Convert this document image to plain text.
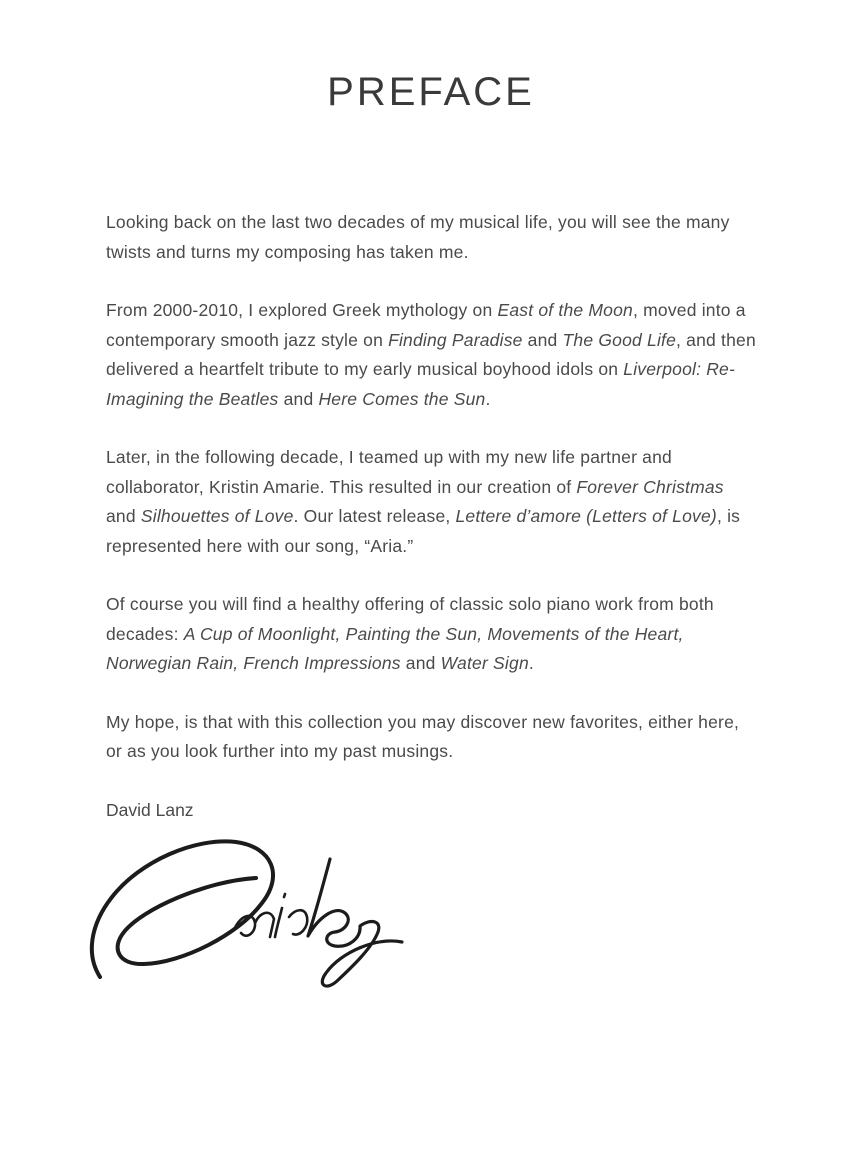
PREFACE

Looking back on the last two decades of my musical life, you will see the many twists and turns my composing has taken me.

From 2000-2010, I explored Greek mythology on East of the Moon, moved into a contemporary smooth jazz style on Finding Paradise and The Good Life, and then delivered a heartfelt tribute to my early musical boyhood idols on Liverpool: Re-Imagining the Beatles and Here Comes the Sun.

Later, in the following decade, I teamed up with my new life partner and collaborator, Kristin Amarie. This resulted in our creation of Forever Christmas and Silhouettes of Love. Our latest release, Lettere d’amore (Letters of Love), is represented here with our song, “Aria.”

Of course you will find a healthy offering of classic solo piano work from both decades: A Cup of Moonlight, Painting the Sun, Movements of the Heart, Norwegian Rain, French Impressions and Water Sign.

My hope, is that with this collection you may discover new favorites, either here, or as you look further into my past musings.

David Lanz
